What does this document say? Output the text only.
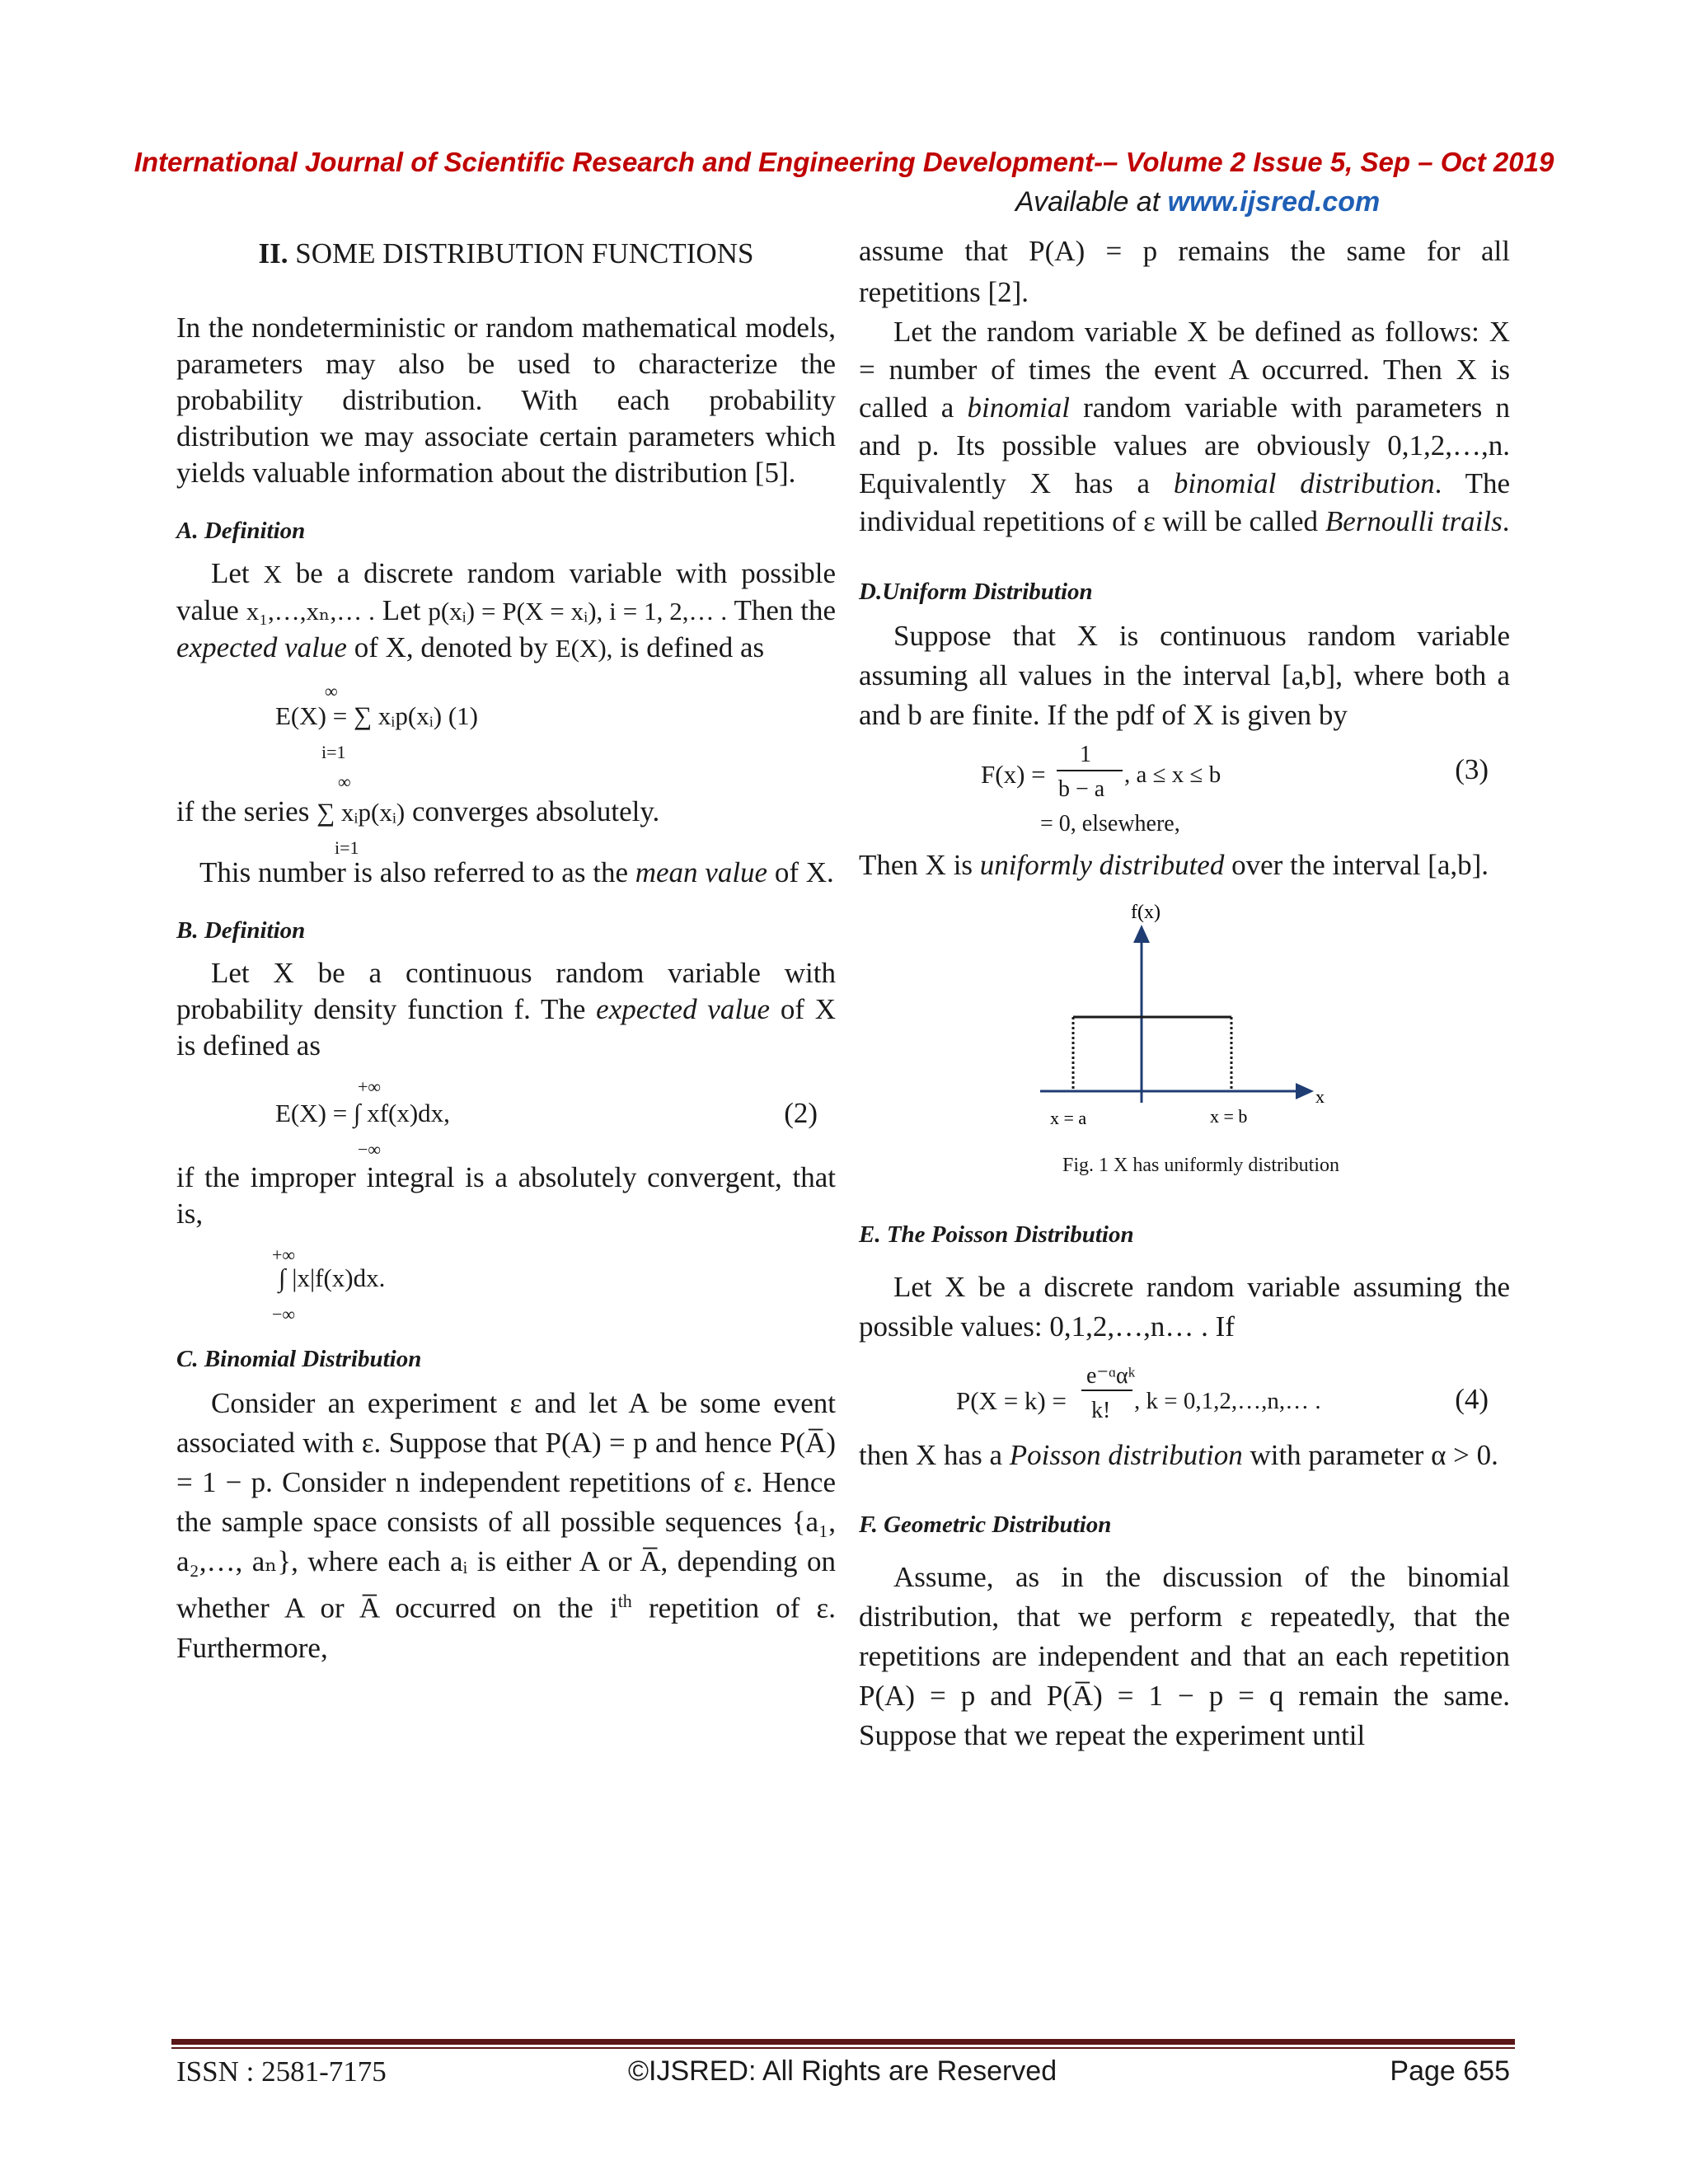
International Journal of Scientific Research and Engineering Development-– Volume 2 Issue 5, Sep – Oct 2019
Available at www.ijsred.com
II. SOME DISTRIBUTION FUNCTIONS

In the nondeterministic or random mathematical models, parameters may also be used to characterize the probability distribution. With each probability distribution we may associate certain parameters which yields valuable information about the distribution [5].

A. Definition

Let X be a discrete random variable with possible value x₁,…,xₙ,… . Let p(xᵢ) = P(X = xᵢ), i = 1, 2,… . Then the expected value of X, denoted by E(X), is defined as

∞
E(X) = ∑ xᵢp(xᵢ) (1)
i=1
∞
if the series ∑ xᵢp(xᵢ) converges absolutely.
i=1

This number is also referred to as the mean value of X.

B. Definition

Let X be a continuous random variable with probability density function f. The expected value of X is defined as

+∞
E(X) = ∫ xf(x)dx,	(2)
−∞

if the improper integral is a absolutely convergent, that is,

+∞
∫ |x|f(x)dx.
−∞
C. Binomial Distribution

Consider an experiment ε and let A be some event associated with ε. Suppose that P(A) = p and hence P(A̅) = 1 − p. Consider n independent repetitions of ε. Hence the sample space consists of all possible sequences {a₁, a₂,…, aₙ}, where each aᵢ is either A or A̅, depending on whether A or A̅ occurred on the $i^{th}$ repetition of ε. Furthermore,

assume that P(A) = p remains the same for all repetitions [2].

Let the random variable X be defined as follows: X = number of times the event A occurred. Then X is called a binomial random variable with parameters n and p. Its possible values are obviously 0,1,2,…,n. Equivalently X has a binomial distribution. The individual repetitions of ε will be called Bernoulli trails.

D.Uniform Distribution

Suppose that X is continuous random variable assuming all values in the interval [a,b], where both a and b are finite. If the pdf of X is given by

F(x) =
1
b − a
, a ≤ x ≤ b	(3)
= 0, elsewhere,

Then X is uniformly distributed over the interval [a,b].

f(x)
x
x = a	x = b
Fig. 1 X has uniformly distribution
E. The Poisson Distribution

Let X be a discrete random variable assuming the possible values: 0,1,2,…,n… . If

P(X = k) =
e⁻ᵅαᵏ
k! , k = 0,1,2,…,n,… .	(4)

then X has a Poisson distribution with parameter α > 0.

F. Geometric Distribution

Assume, as in the discussion of the binomial distribution, that we perform ε repeatedly, that the repetitions are independent and that an each repetition P(A) = p and P(A̅) = 1 − p = q remain the same. Suppose that we repeat the experiment until

ISSN : 2581-7175	©IJSRED: All Rights are Reserved	Page 655
